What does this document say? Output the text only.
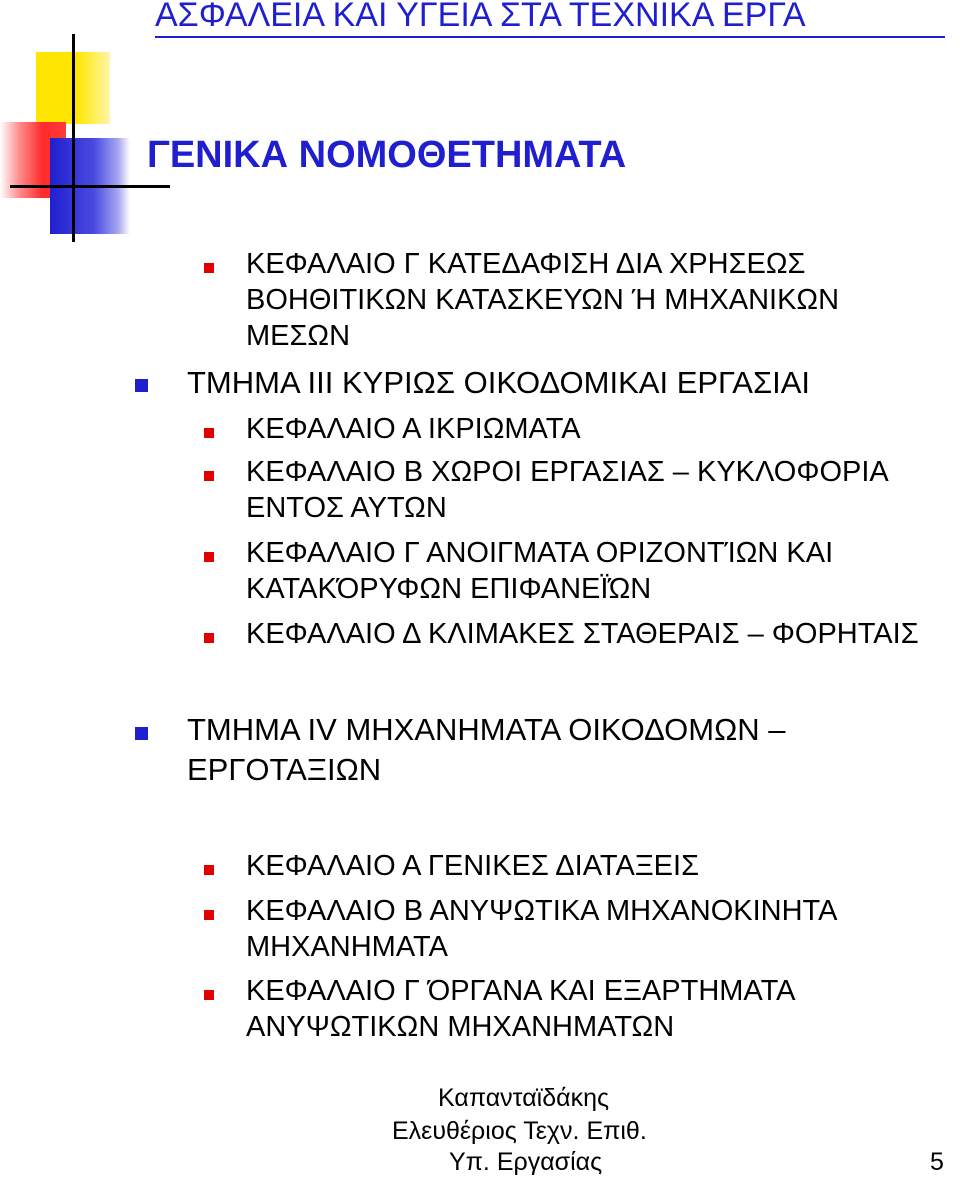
ΑΣΦΑΛΕΙΑ ΚΑΙ ΥΓΕΙΑ ΣΤΑ ΤΕΧΝΙΚΑ ΕΡΓΑ
ΓΕΝΙΚΑ ΝΟΜΟΘΕΤΗΜΑΤΑ
ΚΕΦΑΛΑΙΟ Γ ΚΑΤΕΔΑΦΙΣΗ ΔΙΑ ΧΡΗΣΕΩΣ
ΒΟΗΘΙΤΙΚΩΝ ΚΑΤΑΣΚΕΥΩΝ Ή ΜΗΧΑΝΙΚΩΝ
ΜΕΣΩΝ
ΤΜΗΜΑ ΙΙΙ ΚΥΡΙΩΣ ΟΙΚΟΔΟΜΙΚΑΙ ΕΡΓΑΣΙΑΙ
ΚΕΦΑΛΑΙΟ Α ΙΚΡΙΩΜΑΤΑ
ΚΕΦΑΛΑΙΟ Β ΧΩΡΟΙ ΕΡΓΑΣΙΑΣ – ΚΥΚΛΟΦΟΡΙΑ
ΕΝΤΟΣ ΑΥΤΩΝ
ΚΕΦΑΛΑΙΟ Γ ΑΝΟΙΓΜΑΤΑ ΟΡΙΖΟΝΤΊΩΝ ΚΑΙ
ΚΑΤΑΚΌΡΥΦΩΝ ΕΠΙΦΑΝΕΪΏΝ
ΚΕΦΑΛΑΙΟ Δ ΚΛΙΜΑΚΕΣ ΣΤΑΘΕΡΑΙΣ – ΦΟΡΗΤΑΙΣ
ΤΜΗΜΑ IV ΜΗΧΑΝΗΜΑΤΑ ΟΙΚΟΔΟΜΩΝ –
ΕΡΓΟΤΑΞΙΩΝ
ΚΕΦΑΛΑΙΟ Α ΓΕΝΙΚΕΣ ΔΙΑΤΑΞΕΙΣ
ΚΕΦΑΛΑΙΟ Β ΑΝΥΨΩΤΙΚΑ ΜΗΧΑΝΟΚΙΝΗΤΑ
ΜΗΧΑΝΗΜΑΤΑ
ΚΕΦΑΛΑΙΟ Γ ΌΡΓΑΝΑ ΚΑΙ ΕΞΑΡΤΗΜΑΤΑ
ΑΝΥΨΩΤΙΚΩΝ ΜΗΧΑΝΗΜΑΤΩΝ
Καπανταϊδάκης
Ελευθέριος Τεχν. Επιθ.
Υπ. Εργασίας	5
